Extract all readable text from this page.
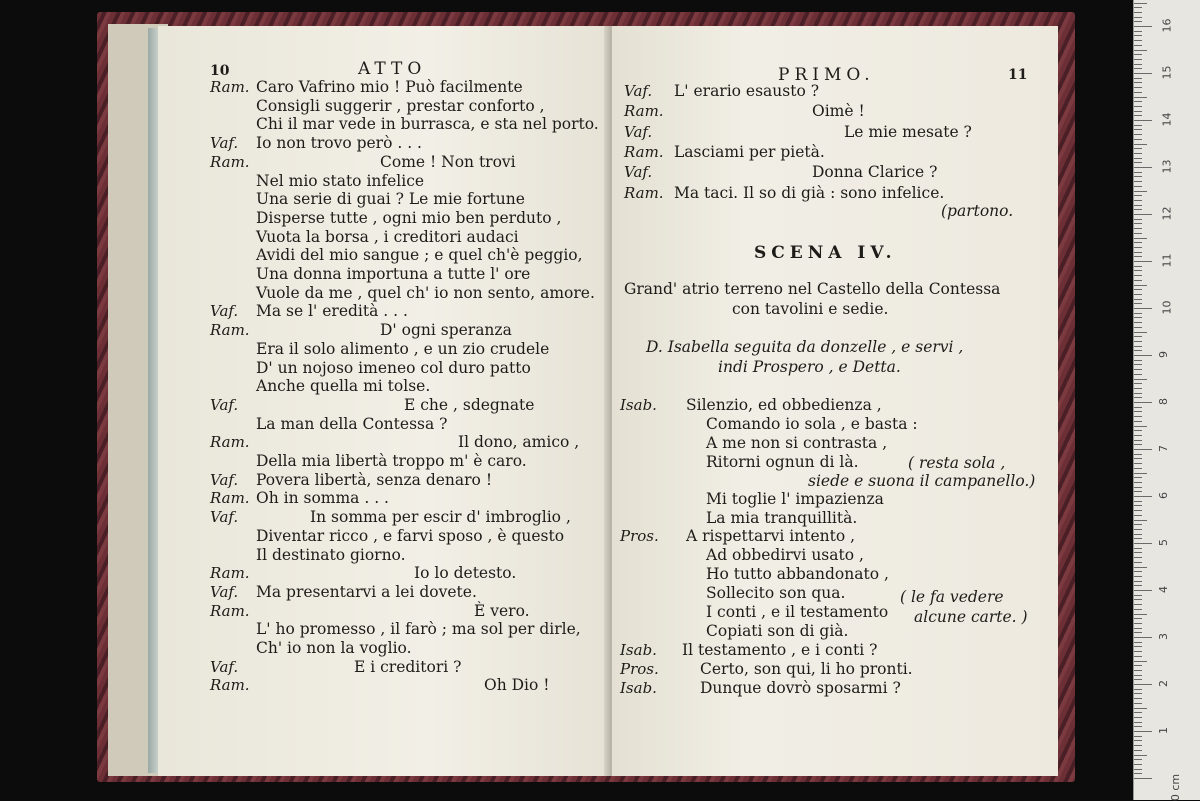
10	ATTO
Ram. Caro Vafrino mio ! Può facilmente
Consigli suggerir , prestar conforto ,
Chi il mar vede in burrasca, e sta nel porto.
Vaf. Io non trovo però . . .
Ram.	Come ! Non trovi
Nel mio stato infelice
Una serie di guai ? Le mie fortune
Disperse tutte , ogni mio ben perduto ,
Vuota la borsa , i creditori audaci
Avidi del mio sangue ; e quel ch'è peggio,
Una donna importuna a tutte l' ore
Vuole da me , quel ch' io non sento, amore.
Vaf. Ma se l' eredità . . .
Ram.	D' ogni speranza
Era il solo alimento , e un zio crudele
D' un nojoso imeneo col duro patto
Anche quella mi tolse.
Vaf.	E che , sdegnate
La man della Contessa ?
Ram.	Il dono, amico ,
Della mia libertà troppo m' è caro.
Vaf. Povera libertà, senza denaro !
Ram. Oh in somma . . .
Vaf.	In somma per escir d' imbroglio ,
Diventar ricco , e farvi sposo , è questo
Il destinato giorno.
Ram.	Io lo detesto.
Vaf. Ma presentarvi a lei dovete.
Ram.	È vero.
L' ho promesso , il farò ; ma sol per dirle,
Ch' io non la voglio.
Vaf.	E i creditori ?
Ram.	Oh Dio !
PRIMO.	11
Vaf. L' erario esausto ?
Ram.	Oimè !
Vaf.	Le mie mesate ?
Ram. Lasciami per pietà.
Vaf.	Donna Clarice ?
Ram. Ma taci. Il so di già : sono infelice.
(partono.
SCENA IV.
Grand' atrio terreno nel Castello della Contessa
con tavolini e sedie.
D. Isabella seguita da donzelle , e servi ,
indi Prospero , e Detta.
Isab. Silenzio, ed obbedienza ,
Comando io sola , e basta :
A me non si contrasta ,
Ritorni ognun di là.
Mi toglie l' impazienza
La mia tranquillità.
Pros. A rispettarvi intento ,
Ad obbedirvi usato ,
Ho tutto abbandonato ,
Sollecito son qua.
I conti , e il testamento
Copiati son di già.
Isab. Il testamento , e i conti ?
Pros.	Certo, son qui, li ho pronti.
Isab.	Dunque dovrò sposarmi ?
( resta sola ,
siede e suona il campanello.)
( le fa vedere
alcune carte. )
16
15
14
13
12
11
10
9
8
7
6
5
4
3
2
1
0 cm
